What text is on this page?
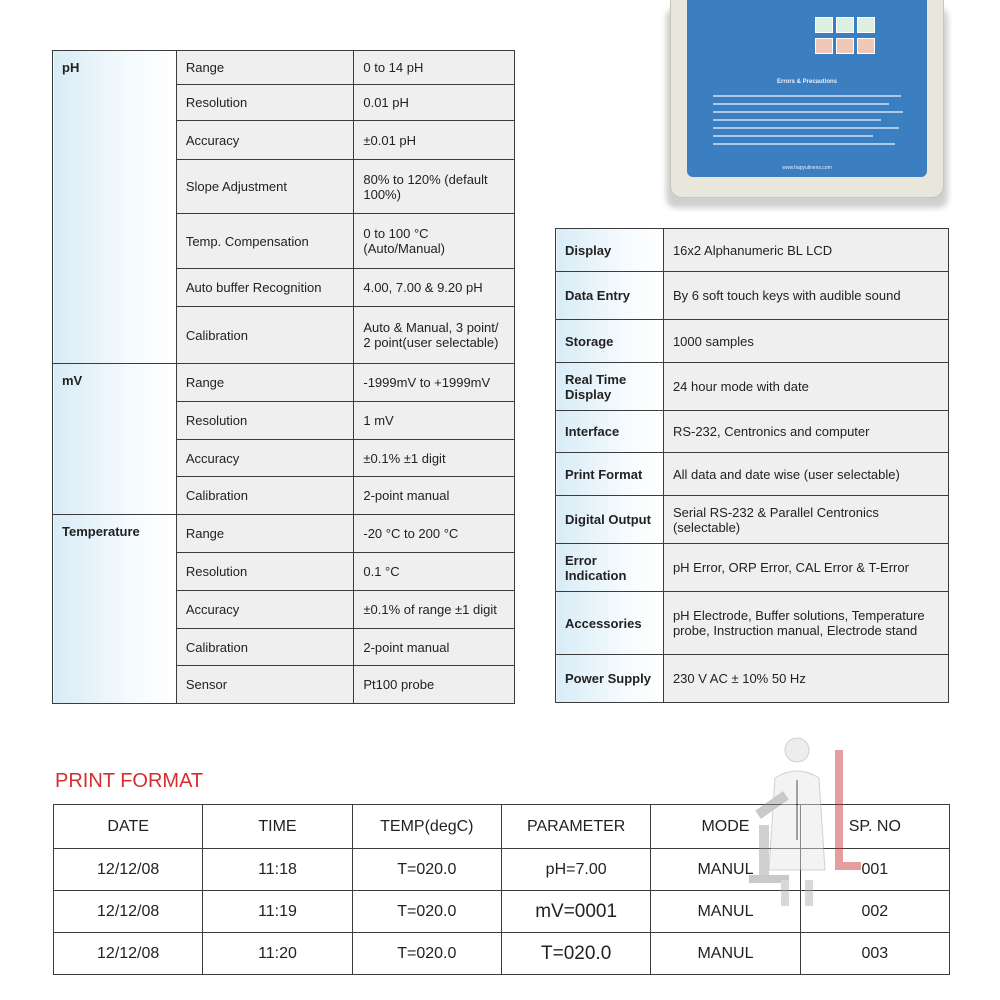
pH	Range	0 to 14 pH
	Resolution	0.01 pH
	Accuracy	±0.01 pH
	Slope Adjustment	80% to 120% (default
100%)
	Temp. Compensation	0 to 100 °C
(Auto/Manual)
	Auto buffer Recognition	4.00, 7.00 & 9.20 pH
	Calibration	Auto & Manual, 3 point/
2 point(user selectable)
mV	Range	-1999mV to +1999mV
	Resolution	1 mV
	Accuracy	±0.1% ±1 digit
	Calibration	2-point manual
Temperature	Range	-20 °C to 200 °C
	Resolution	0.1 °C
	Accuracy	±0.1% of range ±1 digit
	Calibration	2-point manual
	Sensor	Pt100 probe
Errors & Precautions
www.hapyulinens.com
Display	16x2 Alphanumeric BL LCD
Data Entry	By 6 soft touch keys with audible sound
Storage	1000 samples
Real Time
Display	24 hour mode with date
Interface	RS-232, Centronics and computer
Print Format	All data and date wise (user selectable)
Digital Output	Serial RS-232 & Parallel Centronics
(selectable)
Error
Indication	pH Error, ORP Error, CAL Error & T-Error
Accessories	pH Electrode, Buffer solutions, Temperature
probe, Instruction manual, Electrode stand
Power Supply	230 V AC ± 10% 50 Hz
PRINT FORMAT
DATE	TIME	TEMP(degC)	PARAMETER	MODE	SP. NO
12/12/08	11:18	T=020.0	pH=7.00	MANUL	001
12/12/08	11:19	T=020.0	mV=0001	MANUL	002
12/12/08	11:20	T=020.0	T=020.0	MANUL	003
